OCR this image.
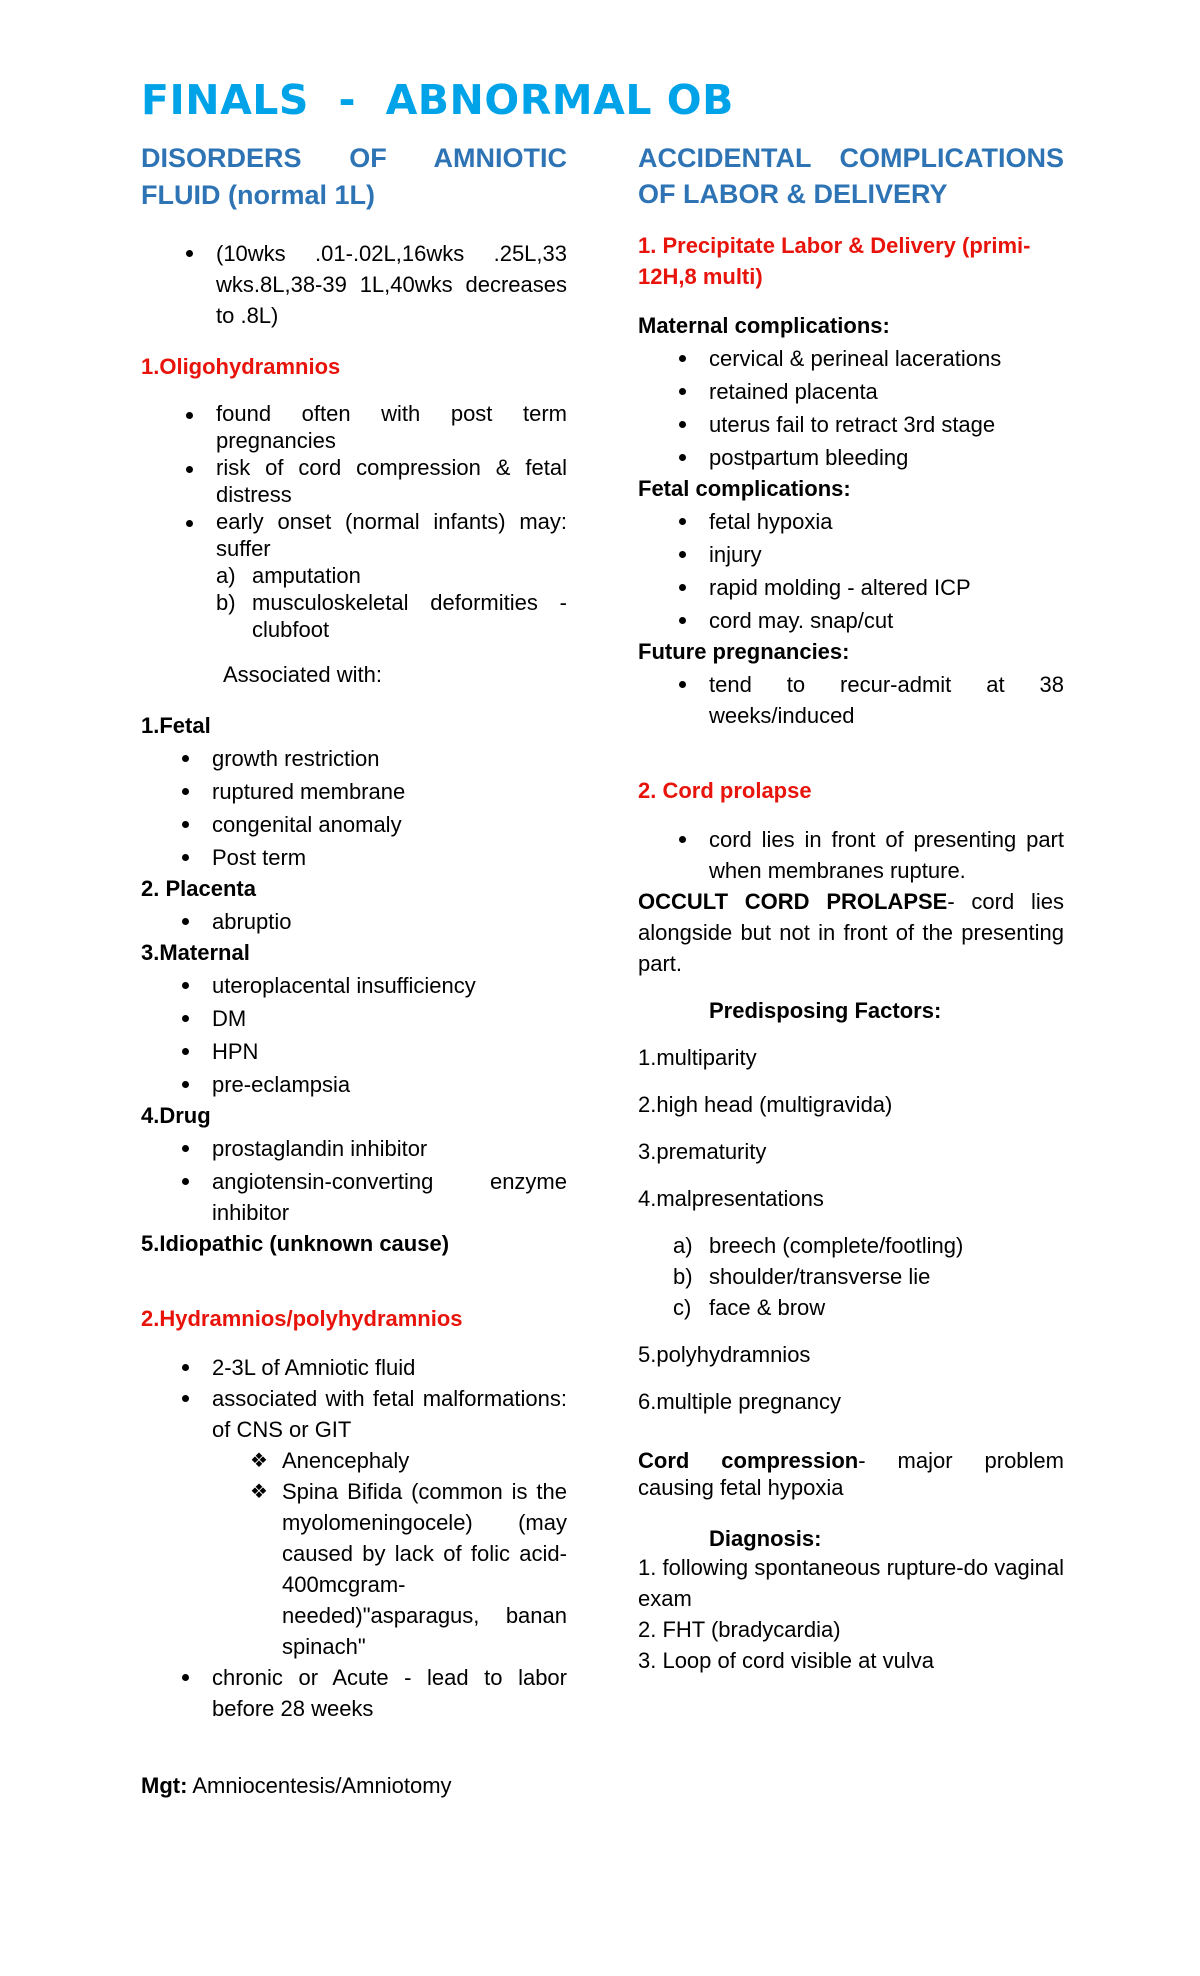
FINALS  -  ABNORMAL OB

DISORDERS OF AMNIOTIC FLUID (normal 1L)

(10wks .01-.02L,16wks .25L,33 wks.8L,38-39 1L,40wks decreases to .8L)
1.Oligohydramnios
found often with post term pregnancies
risk of cord compression & fetal distress
early onset (normal infants) may: suffer
a) amputation
b) musculoskeletal deformities - clubfoot
Associated with:
1.Fetal
growth restriction
ruptured membrane
congenital anomaly
Post term
2. Placenta
abruptio
3.Maternal
uteroplacental insufficiency
DM
HPN
pre-eclampsia
4.Drug
prostaglandin inhibitor
angiotensin-converting enzyme inhibitor
5.Idiopathic (unknown cause)
2.Hydramnios/polyhydramnios
2-3L of Amniotic fluid
associated with fetal malformations: of CNS or GIT
❖ Anencephaly
❖ Spina Bifida (common is the myolomeningocele) (may caused by lack of folic acid-400mcgram-needed)"asparagus, banan spinach"
chronic or Acute - lead to labor before 28 weeks
Mgt: Amniocentesis/Amniotomy

ACCIDENTAL COMPLICATIONS OF LABOR & DELIVERY

1. Precipitate Labor & Delivery (primi-12H,8 multi)
Maternal complications:
cervical & perineal lacerations
retained placenta
uterus fail to retract 3rd stage
postpartum bleeding
Fetal complications:
fetal hypoxia
injury
rapid molding - altered ICP
cord may. snap/cut
Future pregnancies:
tend to recur-admit at 38 weeks/induced
2. Cord prolapse
cord lies in front of presenting part when membranes rupture.
OCCULT CORD PROLAPSE- cord lies alongside but not in front of the presenting part.
Predisposing Factors:
1.multiparity
2.high head (multigravida)
3.prematurity
4.malpresentations
a) breech (complete/footling)
b) shoulder/transverse lie
c) face & brow
5.polyhydramnios
6.multiple pregnancy
Cord compression- major problem causing fetal hypoxia
Diagnosis:
1. following spontaneous rupture-do vaginal exam
2. FHT (bradycardia)
3. Loop of cord visible at vulva
